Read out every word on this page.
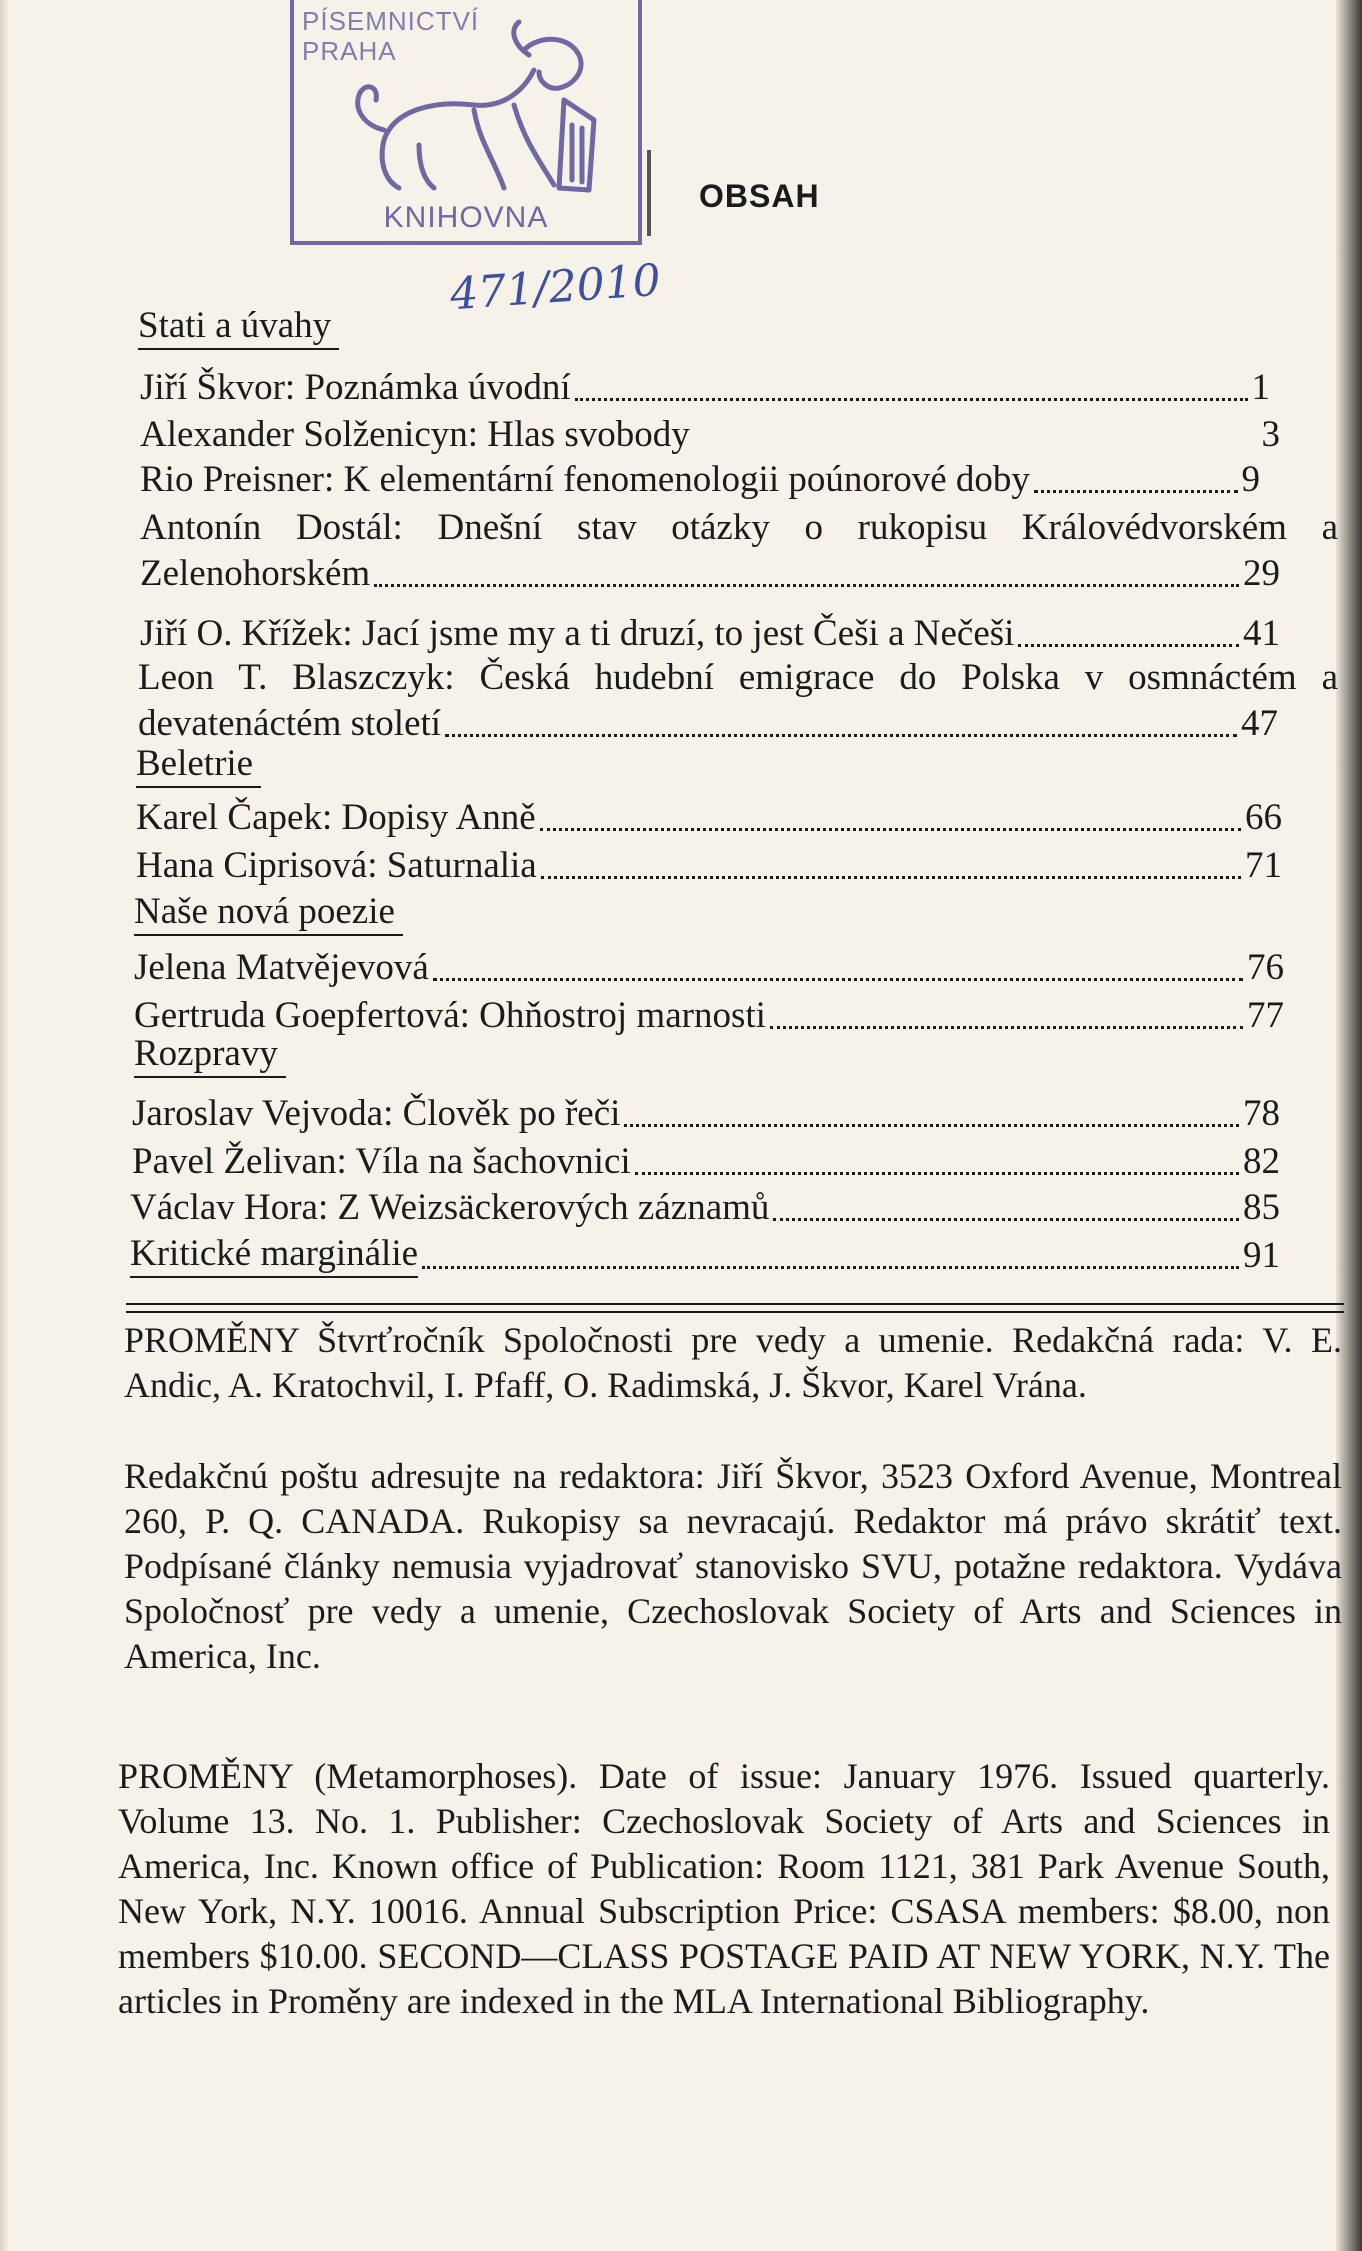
PÍSEMNICTVÍ
PRAHA
KNIHOVNA
471/2010
OBSAH
Stati a úvahy
Jiří Škvor: Poznámka úvodní	1
Alexander Solženicyn: Hlas svobody	3
Rio Preisner: K elementární fenomenologii poúnorové doby	9
Antonín Dostál: Dnešní stav otázky o rukopisu Královédvorském a
Zelenohorském	29
Jiří O. Křížek: Jací jsme my a ti druzí, to jest Češi a Nečeši	41
Leon T. Blaszczyk: Česká hudební emigrace do Polska v osmnáctém a
devatenáctém století	47
Beletrie
Karel Čapek: Dopisy Anně	66
Hana Ciprisová: Saturnalia	71
Naše nová poezie
Jelena Matvějevová	76
Gertruda Goepfertová: Ohňostroj marnosti	77
Rozpravy
Jaroslav Vejvoda: Člověk po řeči	78
Pavel Želivan: Víla na šachovnici	82
Václav Hora: Z Weizsäckerových záznamů	85
Kritické marginálie	91
PROMĚNY Štvrťročník Spoločnosti pre vedy a umenie. Redakčná rada: V. E. Andic, A. Kratochvil, I. Pfaff, O. Radimská, J. Škvor, Karel Vrána.
Redakčnú poštu adresujte na redaktora: Jiří Škvor, 3523 Oxford Avenue, Montreal 260, P. Q. CANADA. Rukopisy sa nevracajú. Redaktor má právo skrátiť text. Podpísané články nemusia vyjadrovať stanovisko SVU, potažne redaktora. Vydáva Spoločnosť pre vedy a umenie, Czechoslovak Society of Arts and Sciences in America, Inc.
PROMĚNY (Metamorphoses). Date of issue: January 1976. Issued quarterly. Volume 13. No. 1. Publisher: Czechoslovak Society of Arts and Sciences in America, Inc. Known office of Publication: Room 1121, 381 Park Avenue South, New York, N.Y. 10016. Annual Subscription Price: CSASA members: $8.00, non members $10.00. SECOND—CLASS POSTAGE PAID AT NEW YORK, N.Y. The articles in Proměny are indexed in the MLA International Bibliography.
